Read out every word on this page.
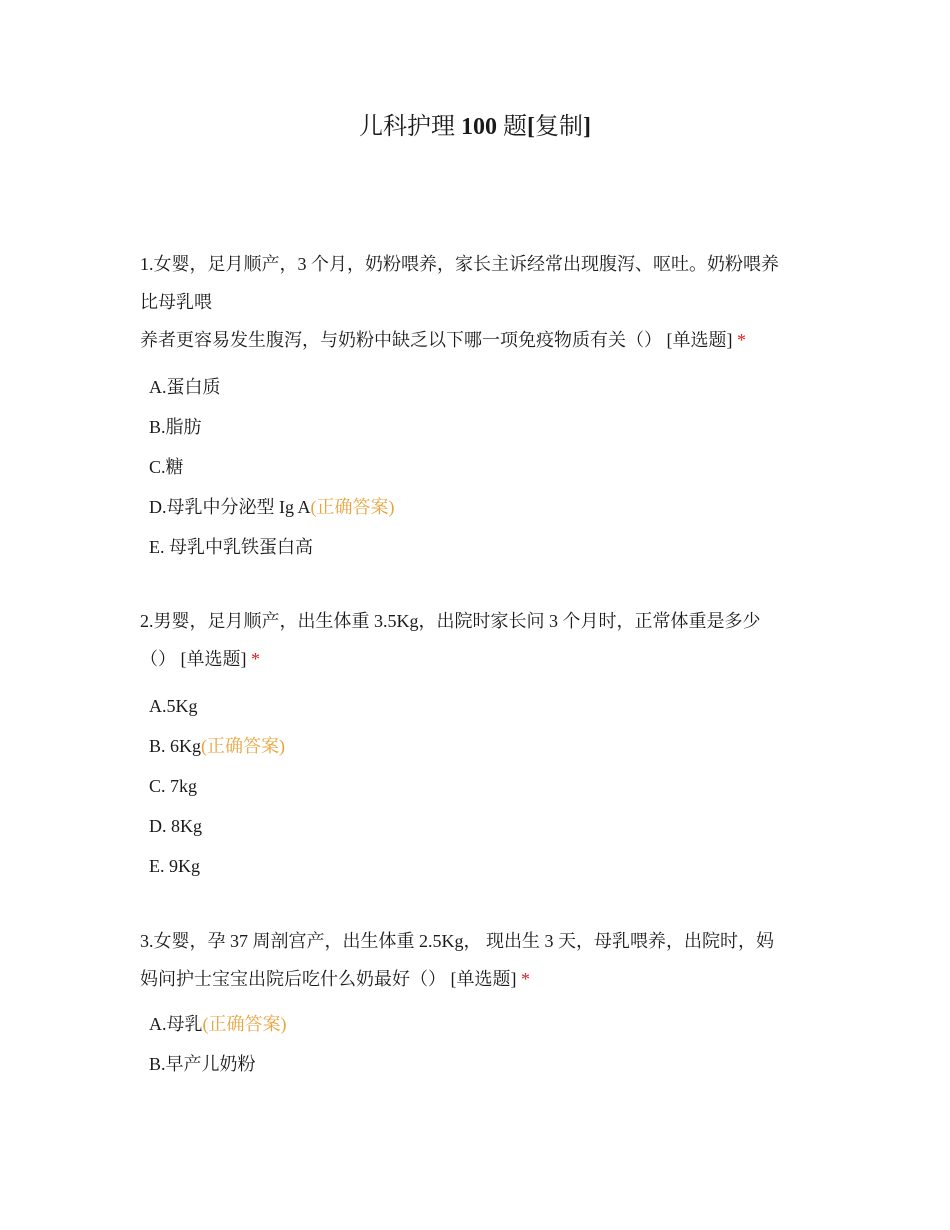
儿科护理 100 题[复制]
1.女婴，足月顺产，3 个月，奶粉喂养，家长主诉经常出现腹泻、呕吐。奶粉喂养
比母乳喂
养者更容易发生腹泻，与奶粉中缺乏以下哪一项免疫物质有关（） [单选题] *
A.蛋白质
B.脂肪
C.糖
D.母乳中分泌型 Ig A(正确答案)
E. 母乳中乳铁蛋白高
2.男婴，足月顺产，出生体重 3.5Kg，出院时家长问 3 个月时，正常体重是多少
（） [单选题] *
A.5Kg
B. 6Kg(正确答案)
C. 7kg
D. 8Kg
E. 9Kg
3.女婴，孕 37 周剖宫产，出生体重 2.5Kg， 现出生 3 天，母乳喂养，出院时，妈
妈问护士宝宝出院后吃什么奶最好（） [单选题] *
A.母乳(正确答案)
B.早产儿奶粉
